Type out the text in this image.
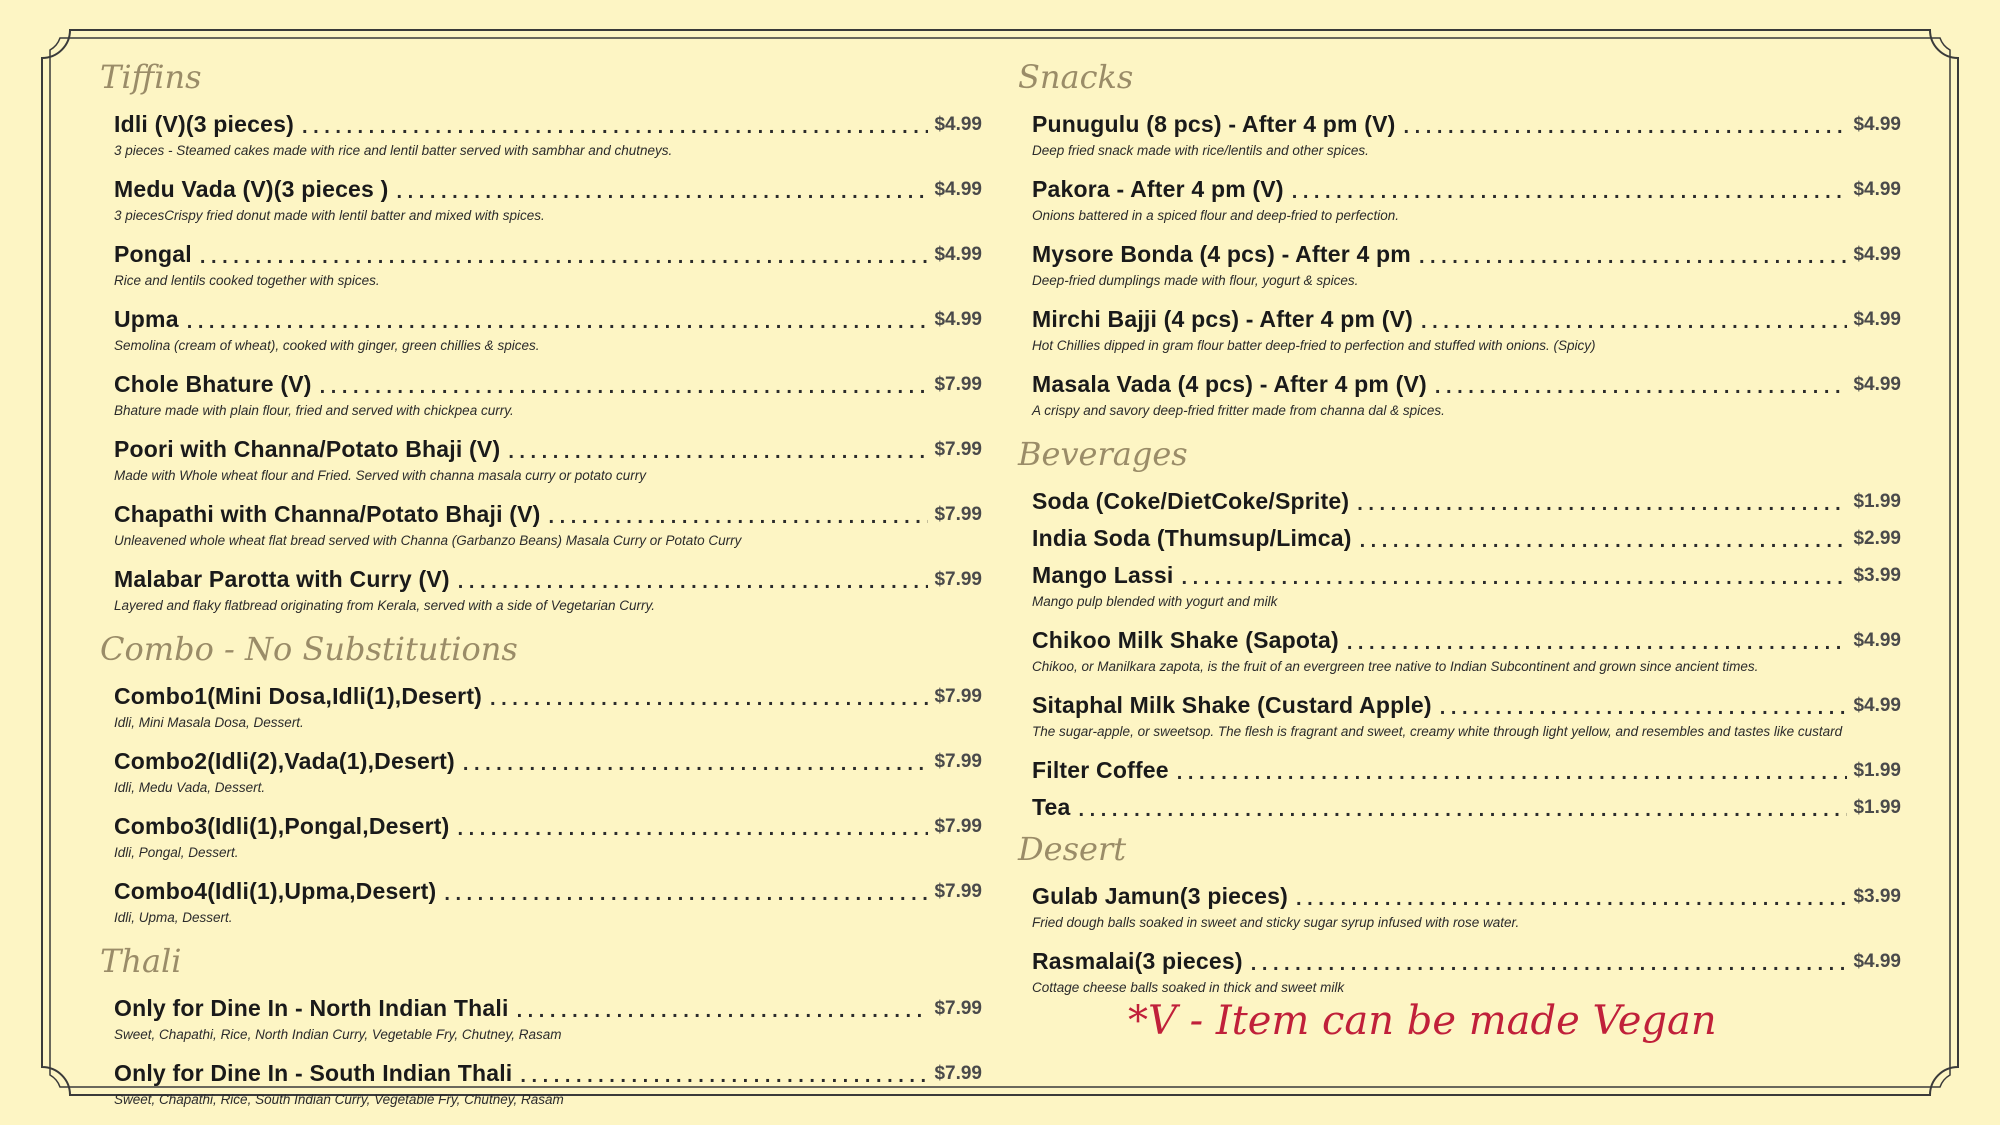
Tiffins
Idli (V)(3 pieces) . . .	$4.99
3 pieces - Steamed cakes made with rice and lentil batter served with sambhar and chutneys.
Medu Vada (V)(3 pieces ) . . .	$4.99
3 piecesCrispy fried donut made with lentil batter and mixed with spices.
Pongal . . .	$4.99
Rice and lentils cooked together with spices.
Upma . . .	$4.99
Semolina (cream of wheat), cooked with ginger, green chillies & spices.
Chole Bhature (V) . . .	$7.99
Bhature made with plain flour, fried and served with chickpea curry.
Poori with Channa/Potato Bhaji (V) . . .	$7.99
Made with Whole wheat flour and Fried. Served with channa masala curry or potato curry
Chapathi with Channa/Potato Bhaji (V) . . .	$7.99
Unleavened whole wheat flat bread served with Channa (Garbanzo Beans) Masala Curry or Potato Curry
Malabar Parotta with Curry (V) . . .	$7.99
Layered and flaky flatbread originating from Kerala, served with a side of Vegetarian Curry.
Combo - No Substitutions
Combo1(Mini Dosa,Idli(1),Desert) . . .	$7.99
Idli, Mini Masala Dosa, Dessert.
Combo2(Idli(2),Vada(1),Desert) . . .	$7.99
Idli, Medu Vada, Dessert.
Combo3(Idli(1),Pongal,Desert) . . .	$7.99
Idli, Pongal, Dessert.
Combo4(Idli(1),Upma,Desert) . . .	$7.99
Idli, Upma, Dessert.
Thali
Only for Dine In - North Indian Thali . . .	$7.99
Sweet, Chapathi, Rice, North Indian Curry, Vegetable Fry, Chutney, Rasam
Only for Dine In - South Indian Thali . . .	$7.99
Sweet, Chapathi, Rice, South Indian Curry, Vegetable Fry, Chutney, Rasam
Snacks
Punugulu (8 pcs) - After 4 pm (V) . . .	$4.99
Deep fried snack made with rice/lentils and other spices.
Pakora - After 4 pm (V) . . .	$4.99
Onions battered in a spiced flour and deep-fried to perfection.
Mysore Bonda (4 pcs) - After 4 pm . . .	$4.99
Deep-fried dumplings made with flour, yogurt & spices.
Mirchi Bajji (4 pcs) - After 4 pm (V) . . .	$4.99
Hot Chillies dipped in gram flour batter deep-fried to perfection and stuffed with onions. (Spicy)
Masala Vada (4 pcs) - After 4 pm (V) . . .	$4.99
A crispy and savory deep-fried fritter made from channa dal & spices.
Beverages
Soda (Coke/DietCoke/Sprite) . . .	$1.99
India Soda (Thumsup/Limca) . . .	$2.99
Mango Lassi . . .	$3.99
Mango pulp blended with yogurt and milk
Chikoo Milk Shake (Sapota) . . .	$4.99
Chikoo, or Manilkara zapota, is the fruit of an evergreen tree native to Indian Subcontinent and grown since ancient times.
Sitaphal Milk Shake (Custard Apple) . . .	$4.99
The sugar-apple, or sweetsop. The flesh is fragrant and sweet, creamy white through light yellow, and resembles and tastes like custard
Filter Coffee . . .	$1.99
Tea . . .	$1.99
Desert
Gulab Jamun(3 pieces) . . .	$3.99
Fried dough balls soaked in sweet and sticky sugar syrup infused with rose water.
Rasmalai(3 pieces) . . .	$4.99
Cottage cheese balls soaked in thick and sweet milk
*V - Item can be made Vegan
